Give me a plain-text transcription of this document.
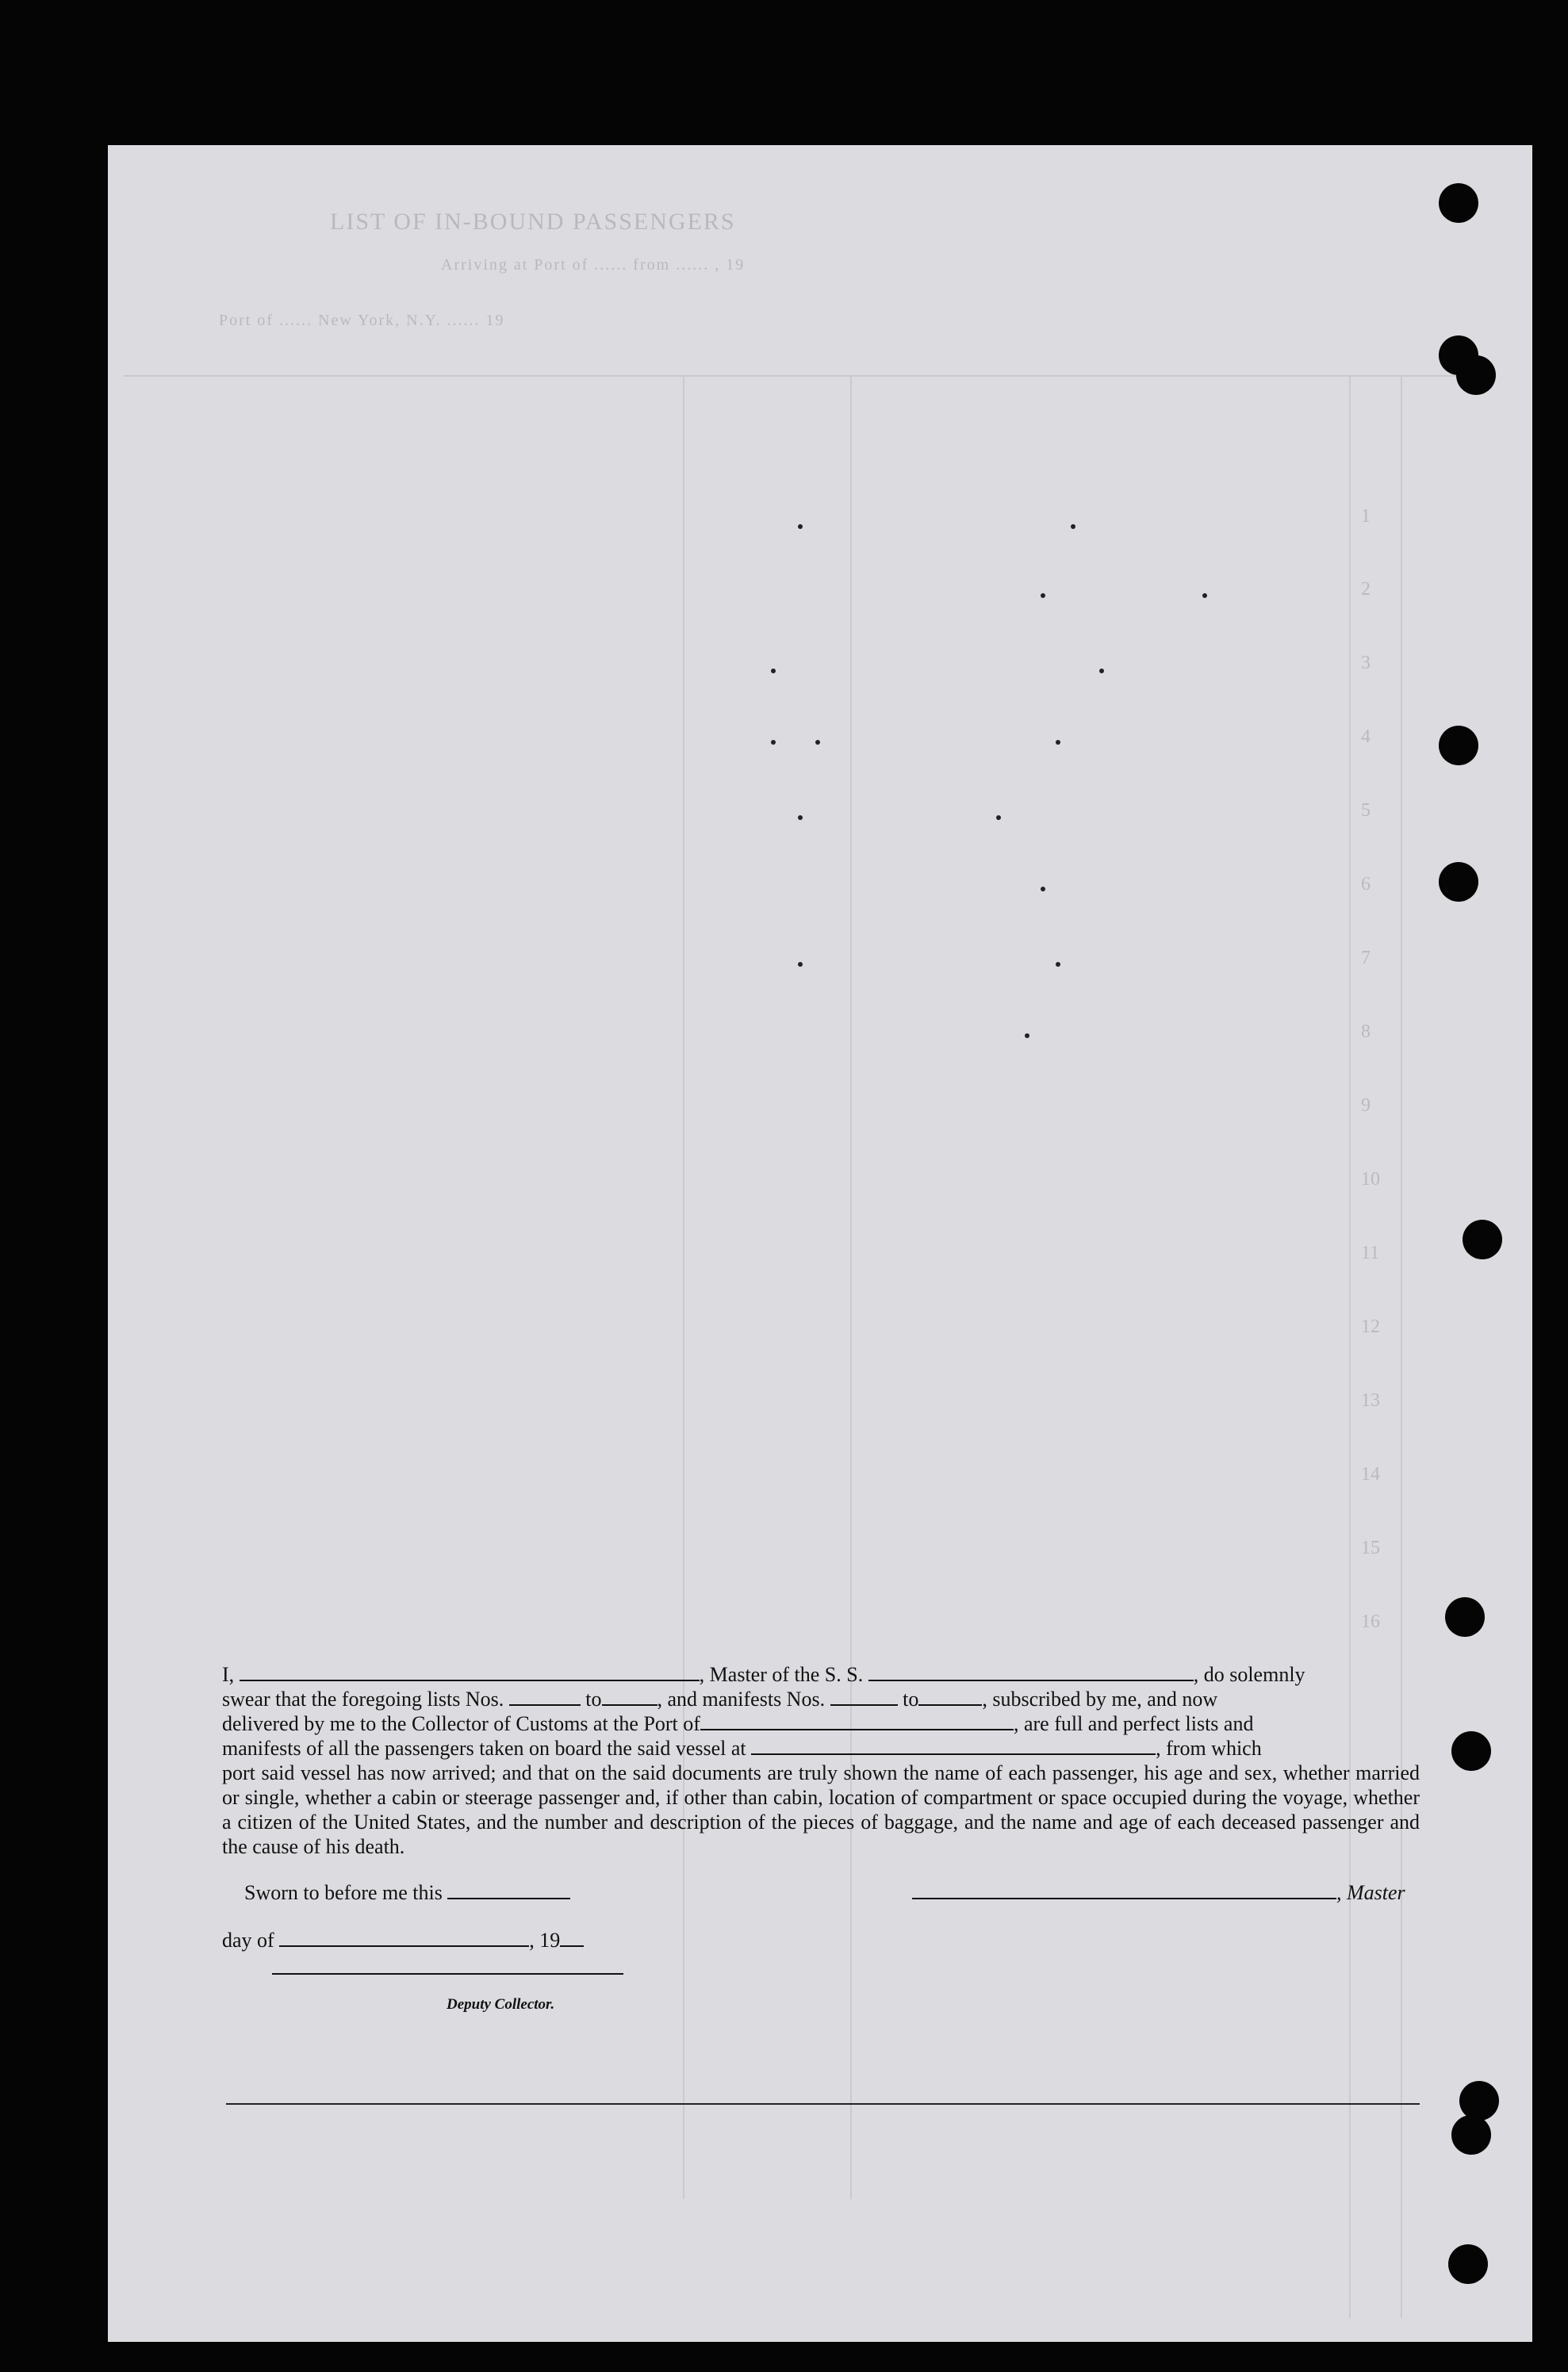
LIST OF IN-BOUND PASSENGERS
Port of ...... New York, N.Y. ...... 19
Arriving at Port of ...... from ...... , 19
1
2
3
4
5
6
7
8
9
10
11
12
13
14
15
16

I,	, Master of the S. S.	, do solemnly

swear that the foregoing lists Nos.	to	, and manifests Nos.	to	, subscribed by me, and now

delivered by me to the Collector of Customs at the Port of	, are full and perfect lists and

manifests of all the passengers taken on board the said vessel at	, from which

port said vessel has now arrived; and that on the said documents are truly shown the name of each passenger, his age and sex, whether married or single, whether a cabin or steerage passenger and, if other than cabin, location of compartment or space occupied during the voyage, whether a citizen of the United States, and the number and description of the pieces of baggage, and the name and age of each deceased passenger and the cause of his death.

Sworn to before me this	, Master
day of	, 19
Deputy Collector.
